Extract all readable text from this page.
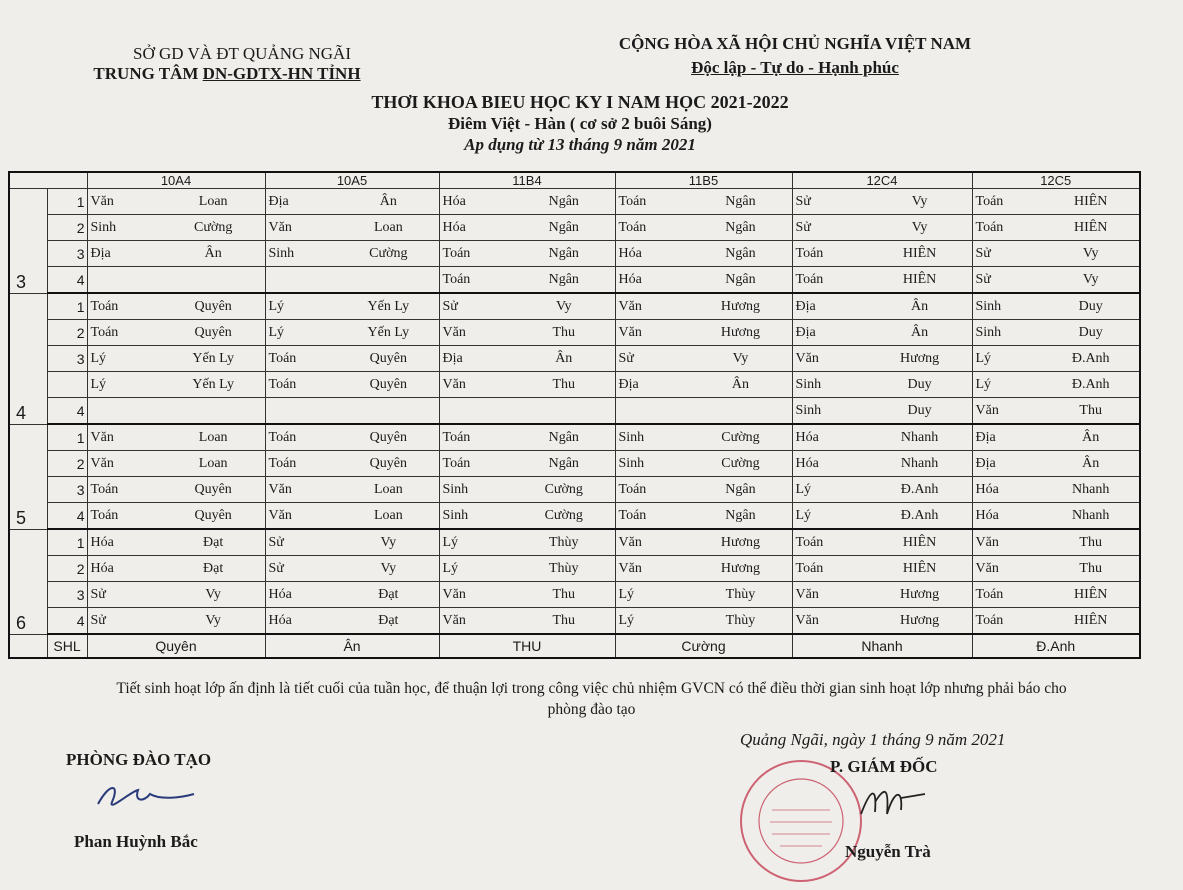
SỞ GD VÀ ĐT QUẢNG NGÃI
TRUNG TÂM DN-GDTX-HN TỈNH
CỘNG HÒA XÃ HỘI CHỦ NGHĨA VIỆT NAM
Độc lập - Tự do - Hạnh phúc
THƠI KHOA BIEU HỌC KY I NAM HỌC 2021-2022
Điêm Việt - Hàn ( cơ sở 2 buôi Sáng)
Ap dụng từ 13 tháng 9 năm 2021
		10A4	10A5	11B4	11B5	12C4	12C5
3	1	Văn Loan	Địa Ân	Hóa Ngân	Toán Ngân	Sử Vy	Toán HIÊN
	2	Sinh Cường	Văn Loan	Hóa Ngân	Toán Ngân	Sử Vy	Toán HIÊN
	3	Địa Ân	Sinh Cường	Toán Ngân	Hóa Ngân	Toán HIÊN	Sử Vy
	4			Toán Ngân	Hóa Ngân	Toán HIÊN	Sử Vy
4	1	Toán Quyên	Lý Yến Ly	Sử Vy	Văn Hương	Địa Ân	Sinh Duy
	2	Toán Quyên	Lý Yến Ly	Văn Thu	Văn Hương	Địa Ân	Sinh Duy
	3	Lý Yến Ly	Toán Quyên	Địa Ân	Sử Vy	Văn Hương	Lý Đ.Anh
		Lý Yến Ly	Toán Quyên	Văn Thu	Địa Ân	Sinh Duy	Lý Đ.Anh
	4					Sinh Duy	Văn Thu
5	1	Văn Loan	Toán Quyên	Toán Ngân	Sinh Cường	Hóa Nhanh	Địa Ân
	2	Văn Loan	Toán Quyên	Toán Ngân	Sinh Cường	Hóa Nhanh	Địa Ân
	3	Toán Quyên	Văn Loan	Sinh Cường	Toán Ngân	Lý Đ.Anh	Hóa Nhanh
	4	Toán Quyên	Văn Loan	Sinh Cường	Toán Ngân	Lý Đ.Anh	Hóa Nhanh
6	1	Hóa Đạt	Sử Vy	Lý Thùy	Văn Hương	Toán HIÊN	Văn Thu
	2	Hóa Đạt	Sử Vy	Lý Thùy	Văn Hương	Toán HIÊN	Văn Thu
	3	Sử Vy	Hóa Đạt	Văn Thu	Lý Thùy	Văn Hương	Toán HIÊN
	4	Sử Vy	Hóa Đạt	Văn Thu	Lý Thùy	Văn Hương	Toán HIÊN
	SHL	Quyên	Ân	THU	Cường	Nhanh	Đ.Anh
Tiết sinh hoạt lớp ấn định là tiết cuối của tuần học, để thuận lợi trong công việc chủ nhiệm GVCN có thể điều thời gian sinh hoạt lớp nhưng phải báo cho
phòng đào tạo
Quảng Ngãi, ngày 1 tháng 9 năm 2021
PHÒNG ĐÀO TẠO
Phan Huỳnh Bắc
P. GIÁM ĐỐC
Nguyễn Trà
